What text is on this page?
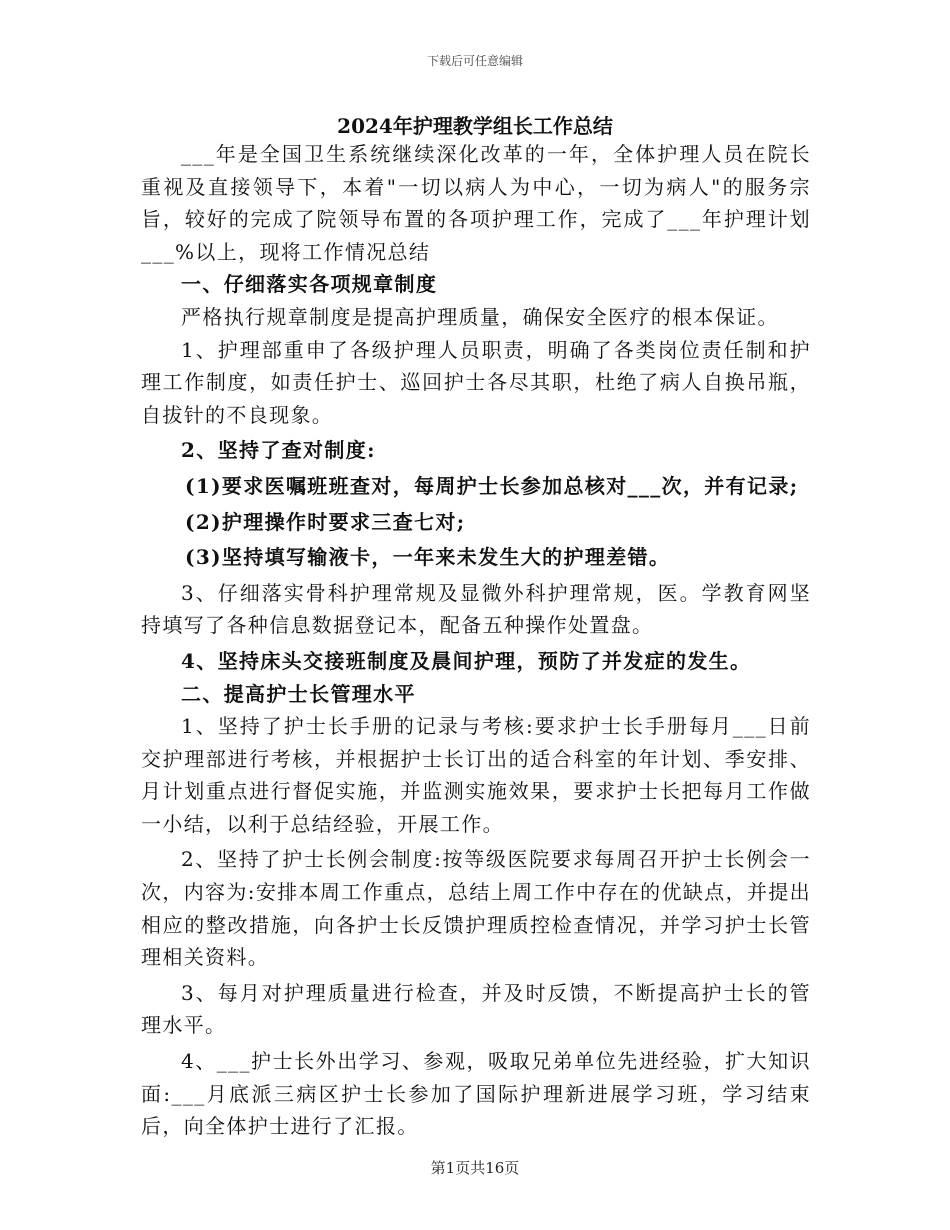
下载后可任意编辑
2024年护理教学组长工作总结

___年是全国卫生系统继续深化改革的一年，全体护理人员在院长重视及直接领导下，本着"一切以病人为中心，一切为病人"的服务宗旨，较好的完成了院领导布置的各项护理工作，完成了___年护理计划___%以上，现将工作情况总结

一、仔细落实各项规章制度

严格执行规章制度是提高护理质量，确保安全医疗的根本保证。

1、护理部重申了各级护理人员职责，明确了各类岗位责任制和护理工作制度，如责任护士、巡回护士各尽其职，杜绝了病人自换吊瓶，自拔针的不良现象。

2、坚持了查对制度:

(1)要求医嘱班班查对，每周护士长参加总核对___次，并有记录;

(2)护理操作时要求三查七对;

(3)坚持填写输液卡，一年来未发生大的护理差错。

3、仔细落实骨科护理常规及显微外科护理常规，医。学教育网坚持填写了各种信息数据登记本，配备五种操作处置盘。

4、坚持床头交接班制度及晨间护理，预防了并发症的发生。

二、提高护士长管理水平

1、坚持了护士长手册的记录与考核:要求护士长手册每月___日前交护理部进行考核，并根据护士长订出的适合科室的年计划、季安排、月计划重点进行督促实施，并监测实施效果，要求护士长把每月工作做一小结，以利于总结经验，开展工作。

2、坚持了护士长例会制度:按等级医院要求每周召开护士长例会一次，内容为:安排本周工作重点，总结上周工作中存在的优缺点，并提出相应的整改措施，向各护士长反馈护理质控检查情况，并学习护士长管理相关资料。

3、每月对护理质量进行检查，并及时反馈，不断提高护士长的管理水平。

4、___护士长外出学习、参观，吸取兄弟单位先进经验，扩大知识面:___月底派三病区护士长参加了国际护理新进展学习班，学习结束后，向全体护士进行了汇报。

第1页共16页
